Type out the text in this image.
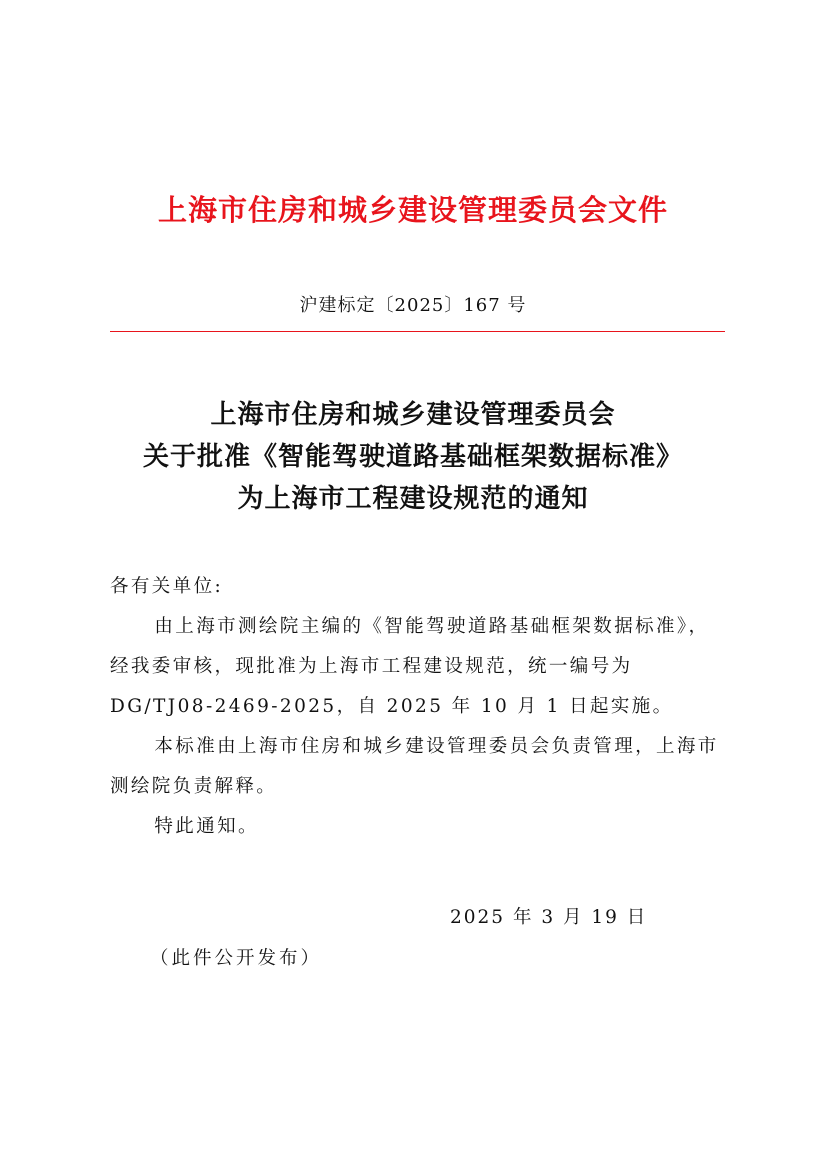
上海市住房和城乡建设管理委员会文件
沪建标定〔2025〕167 号
上海市住房和城乡建设管理委员会
关于批准《智能驾驶道路基础框架数据标准》
为上海市工程建设规范的通知

各有关单位:

由上海市测绘院主编的《智能驾驶道路基础框架数据标准》，经我委审核，现批准为上海市工程建设规范，统一编号为 DG/TJ08-2469-2025，自 2025 年 10 月 1 日起实施。

本标准由上海市住房和城乡建设管理委员会负责管理，上海市测绘院负责解释。

特此通知。

2025 年 3 月 19 日
（此件公开发布）
